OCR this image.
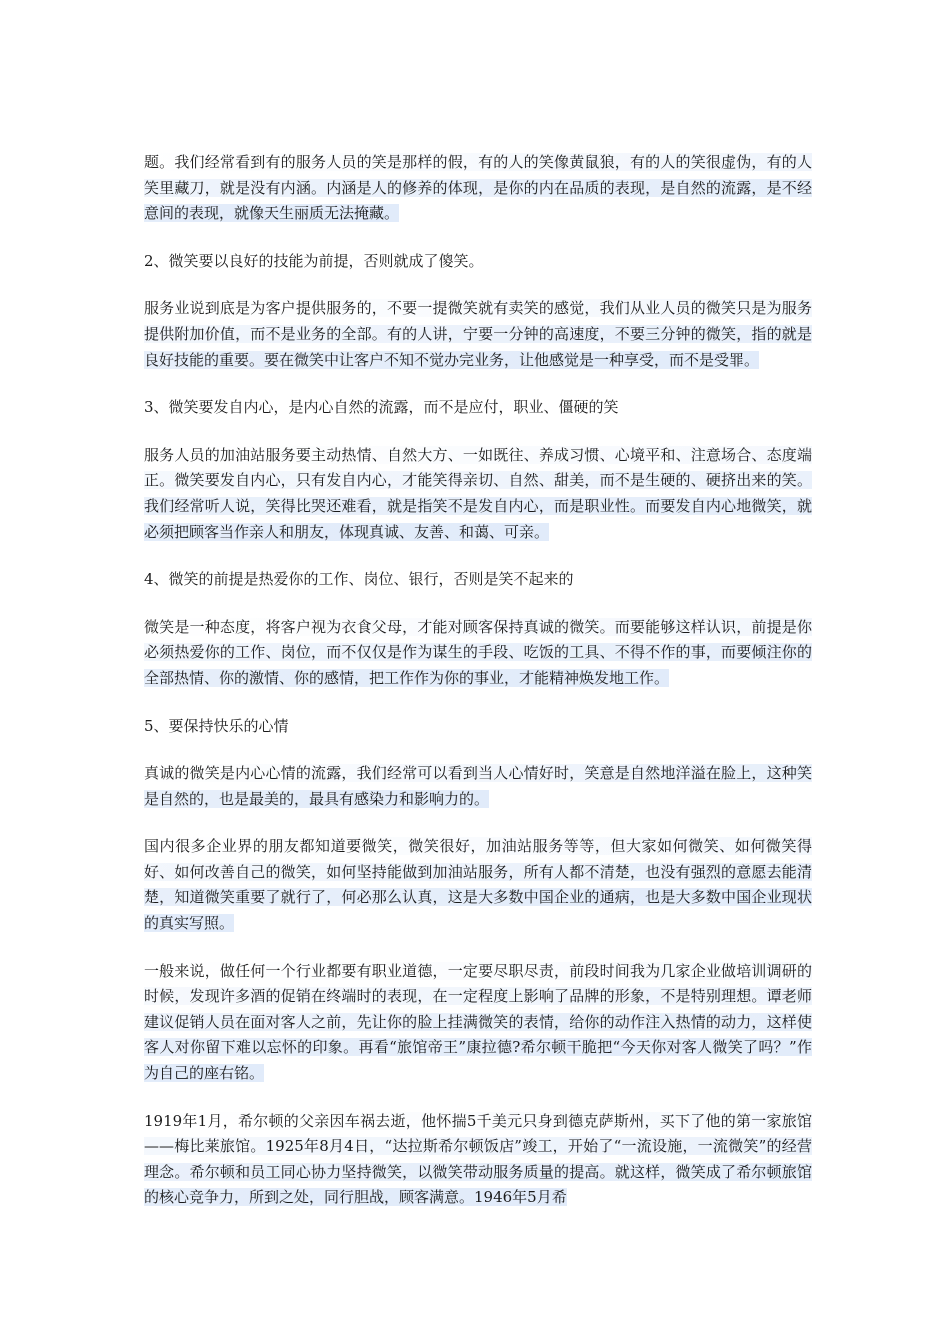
题。我们经常看到有的服务人员的笑是那样的假，有的人的笑像黄鼠狼，有的人的笑很虚伪，有的人笑里藏刀，就是没有内涵。内涵是人的修养的体现，是你的内在品质的表现，是自然的流露，是不经意间的表现，就像天生丽质无法掩藏。

2、微笑要以良好的技能为前提，否则就成了傻笑。

服务业说到底是为客户提供服务的，不要一提微笑就有卖笑的感觉，我们从业人员的微笑只是为服务提供附加价值，而不是业务的全部。有的人讲，宁要一分钟的高速度，不要三分钟的微笑，指的就是良好技能的重要。要在微笑中让客户不知不觉办完业务，让他感觉是一种享受，而不是受罪。

3、微笑要发自内心，是内心自然的流露，而不是应付，职业、僵硬的笑

服务人员的加油站服务要主动热情、自然大方、一如既往、养成习惯、心境平和、注意场合、态度端正。微笑要发自内心，只有发自内心，才能笑得亲切、自然、甜美，而不是生硬的、硬挤出来的笑。我们经常听人说，笑得比哭还难看，就是指笑不是发自内心，而是职业性。而要发自内心地微笑，就必须把顾客当作亲人和朋友，体现真诚、友善、和蔼、可亲。

4、微笑的前提是热爱你的工作、岗位、银行，否则是笑不起来的

微笑是一种态度，将客户视为衣食父母，才能对顾客保持真诚的微笑。而要能够这样认识，前提是你必须热爱你的工作、岗位，而不仅仅是作为谋生的手段、吃饭的工具、不得不作的事，而要倾注你的全部热情、你的激情、你的感情，把工作作为你的事业，才能精神焕发地工作。

5、要保持快乐的心情

真诚的微笑是内心心情的流露，我们经常可以看到当人心情好时，笑意是自然地洋溢在脸上，这种笑是自然的，也是最美的，最具有感染力和影响力的。

国内很多企业界的朋友都知道要微笑，微笑很好，加油站服务等等，但大家如何微笑、如何微笑得好、如何改善自己的微笑，如何坚持能做到加油站服务，所有人都不清楚，也没有强烈的意愿去能清楚，知道微笑重要了就行了，何必那么认真，这是大多数中国企业的通病，也是大多数中国企业现状的真实写照。

一般来说，做任何一个行业都要有职业道德，一定要尽职尽责，前段时间我为几家企业做培训调研的时候，发现许多酒的促销在终端时的表现，在一定程度上影响了品牌的形象，不是特别理想。谭老师建议促销人员在面对客人之前，先让你的脸上挂满微笑的表情，给你的动作注入热情的动力，这样使客人对你留下难以忘怀的印象。再看“旅馆帝王”康拉德?希尔顿干脆把“今天你对客人微笑了吗？”作为自己的座右铭。

1919年1月，希尔顿的父亲因车祸去逝，他怀揣5千美元只身到德克萨斯州，买下了他的第一家旅馆——梅比莱旅馆。1925年8月4日，“达拉斯希尔顿饭店”竣工，开始了“一流设施，一流微笑”的经营理念。希尔顿和员工同心协力坚持微笑，以微笑带动服务质量的提高。就这样，微笑成了希尔顿旅馆的核心竞争力，所到之处，同行胆战，顾客满意。1946年5月希
